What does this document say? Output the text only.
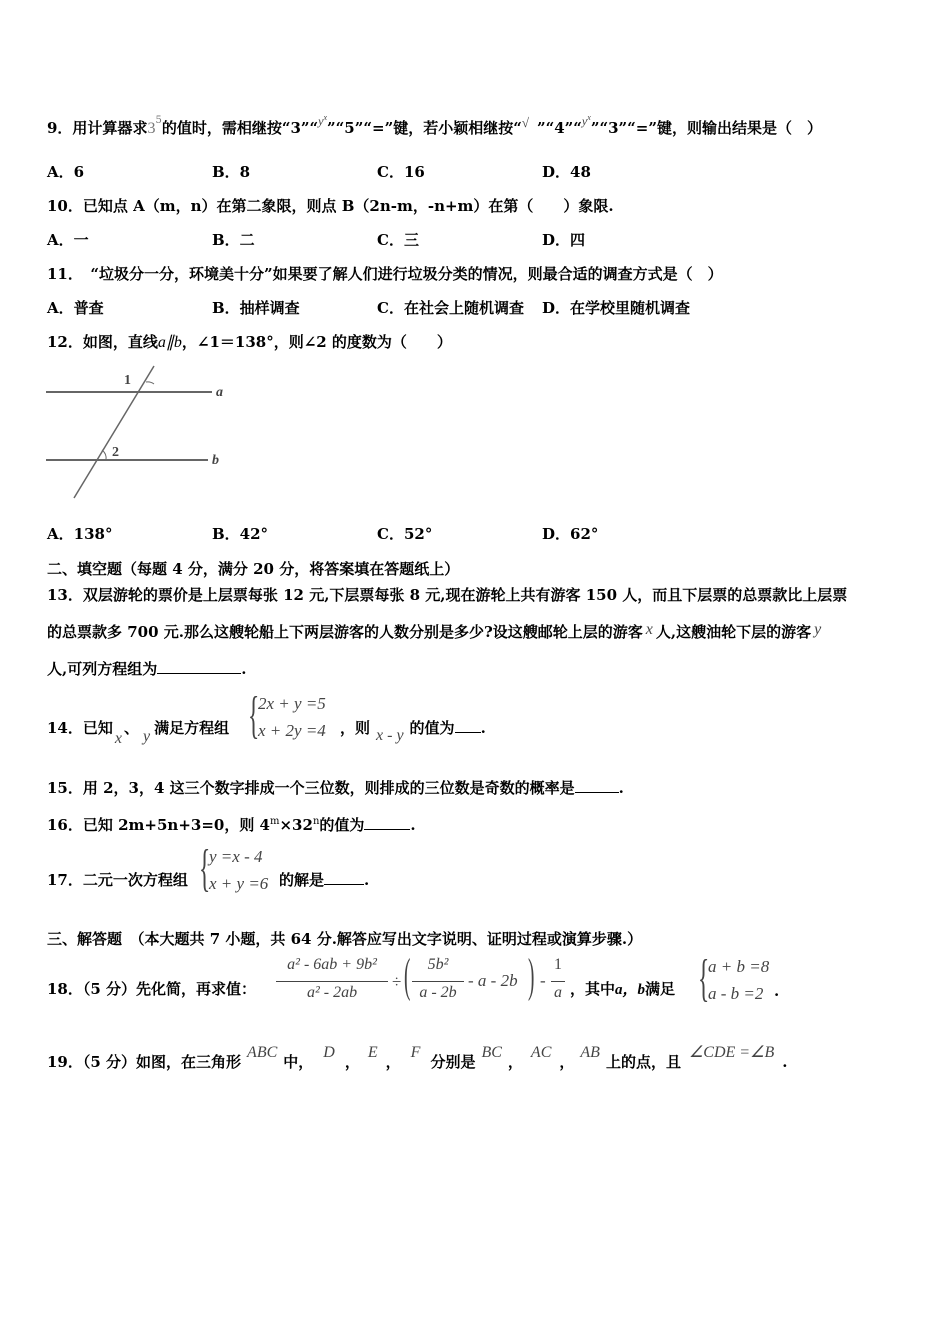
9．用计算器求$3^5$的值时，需相继按“3”“$^{y^x}$”“5”“=”键，若小颖相继按“√ ”“4”“$^{y^x}$”“3”“=”键，则输出结果是（　）
A．6	B．8	C．16	D．48
10．已知点 A（m，n）在第二象限，则点 B（2n-m，-n+m）在第（　　）象限.
A．一	B．二	C．三	D．四
11．　“垃圾分一分，环境美十分”如果要了解人们进行垃圾分类的情况，则最合适的调查方式是（　）
A．普查	B．抽样调查	C．在社会上随机调查 D．在学校里随机调查
12．如图，直线a∥b，∠1＝138°，则∠2 的度数为（　　）
1
2
a
b
A．138°	B．42°	C．52°	D．62°
二、填空题（每题 4 分，满分 20 分，将答案填在答题纸上）
13．双层游轮的票价是上层票每张 12 元,下层票每张 8 元,现在游轮上共有游客 150 人，而且下层票的总票款比上层票
的总票款多 700 元.那么这艘轮船上下两层游客的人数分别是多少?设这艘邮轮上层的游客 x 人,这艘油轮下层的游客 y
人,可列方程组为	.
14．已知x、 y 满足方程组 {
2x + y =5
x + 2y =4 ，则 x - y 的值为 .
15．用 2，3，4 这三个数字排成一个三位数，则排成的三位数是奇数的概率是	.
16．已知 2m+5n+3=0，则 $4^m\times 32^n$的值为	.
17．二元一次方程组 {
y =x - 4
x + y =6 的解是	.
三、解答题　（本大题共 7 小题，共 64 分.解答应写出文字说明、证明过程或演算步骤.）
18．（5 分）先化简，再求值：
a² - 6ab + 9b²
a² - 2ab
÷ (	5b²
a - 2b
- a - 2b ) -
1
a ，其中a，b满足 {
a + b =8
a - b =2 .
19．（5 分）如图，在三角形ABC中，D，E，F分别是BC，AC，AB上的点，且∠CDE =∠B.
